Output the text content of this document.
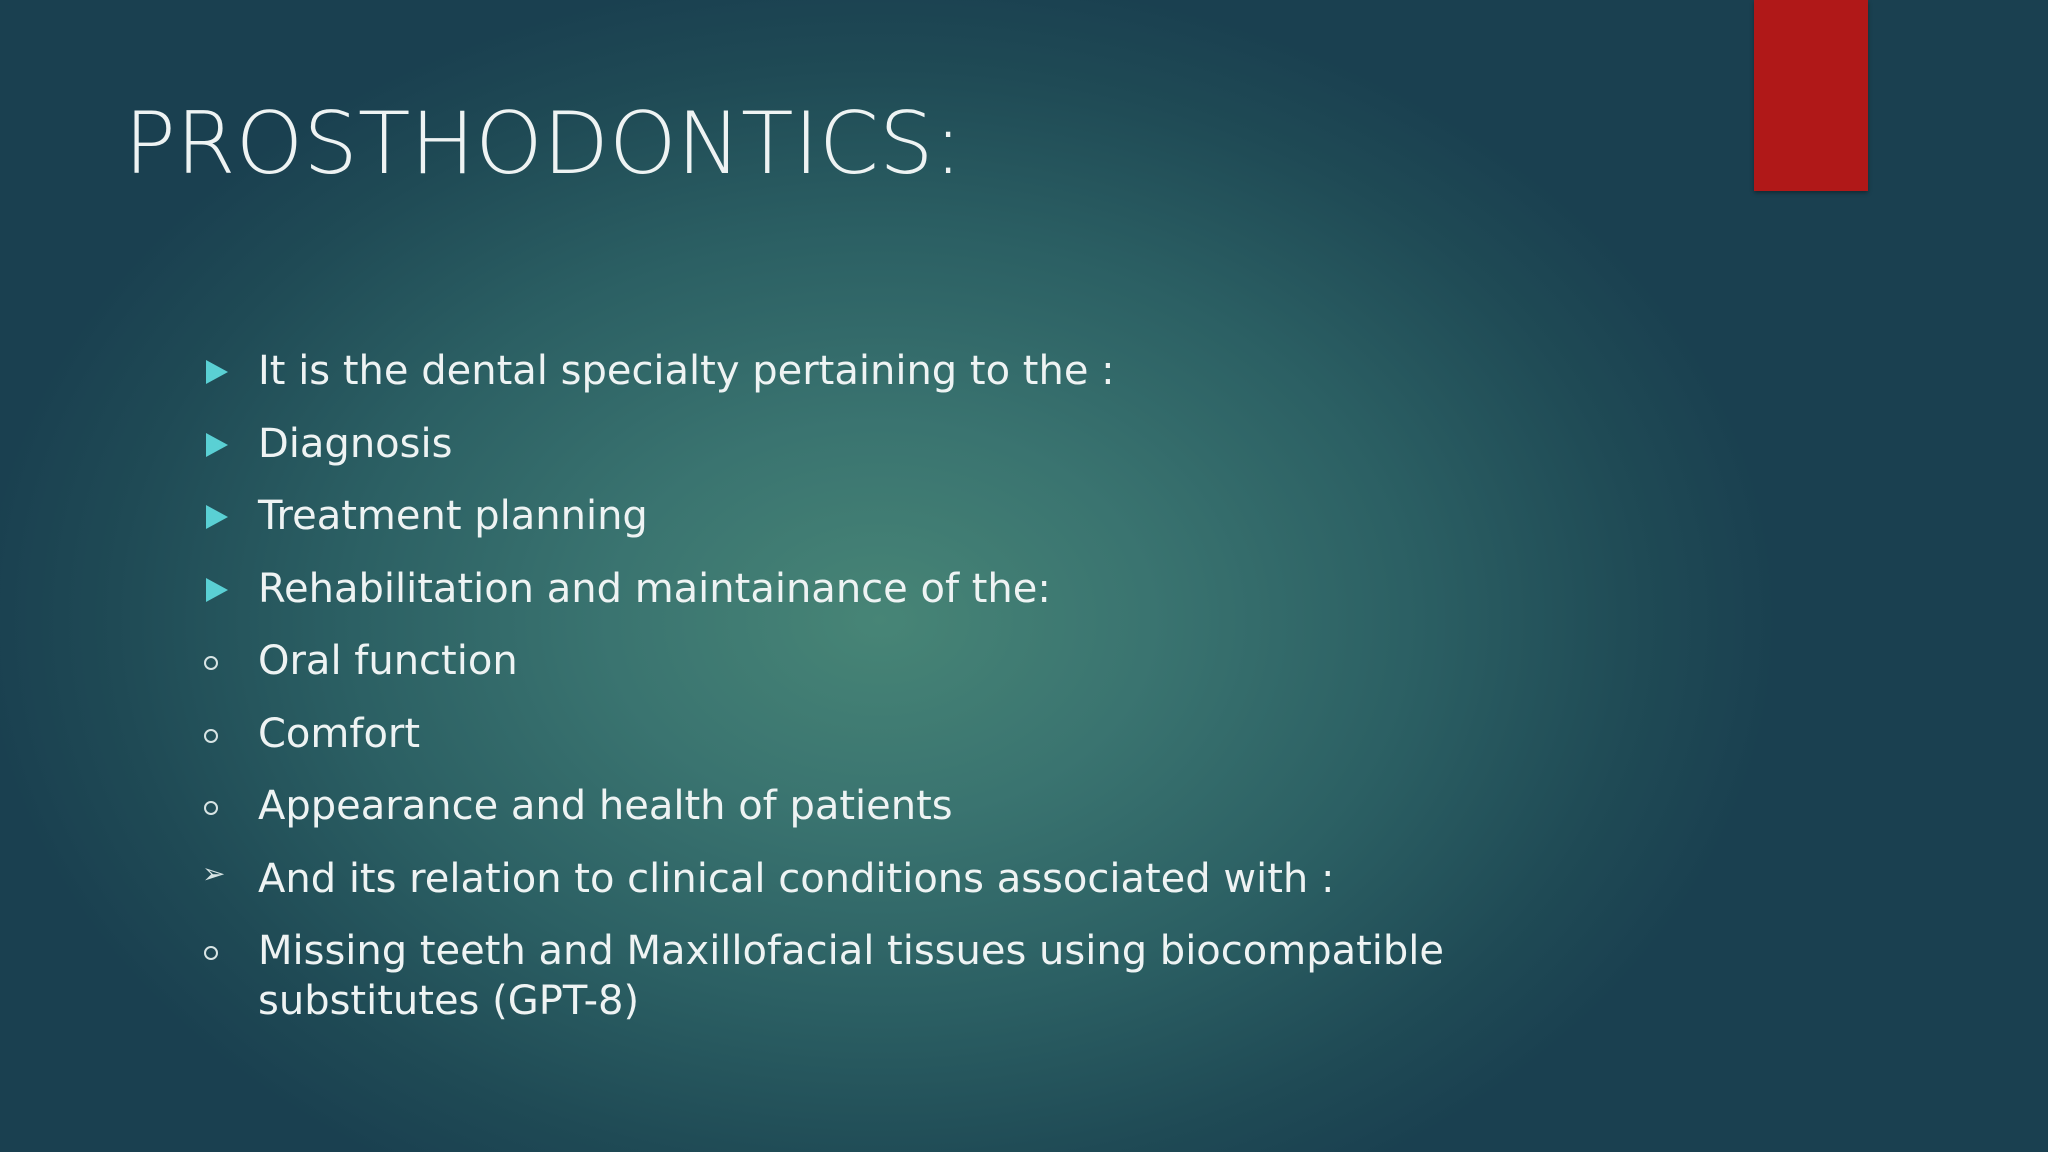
PROSTHODONTICS:
It is the dental specialty pertaining to the :
Diagnosis
Treatment planning
Rehabilitation and maintainance of the:
Oral function
Comfort
Appearance and health of patients
➢ And its relation to clinical conditions associated with :
Missing teeth and Maxillofacial tissues using biocompatible substitutes (GPT-8)
